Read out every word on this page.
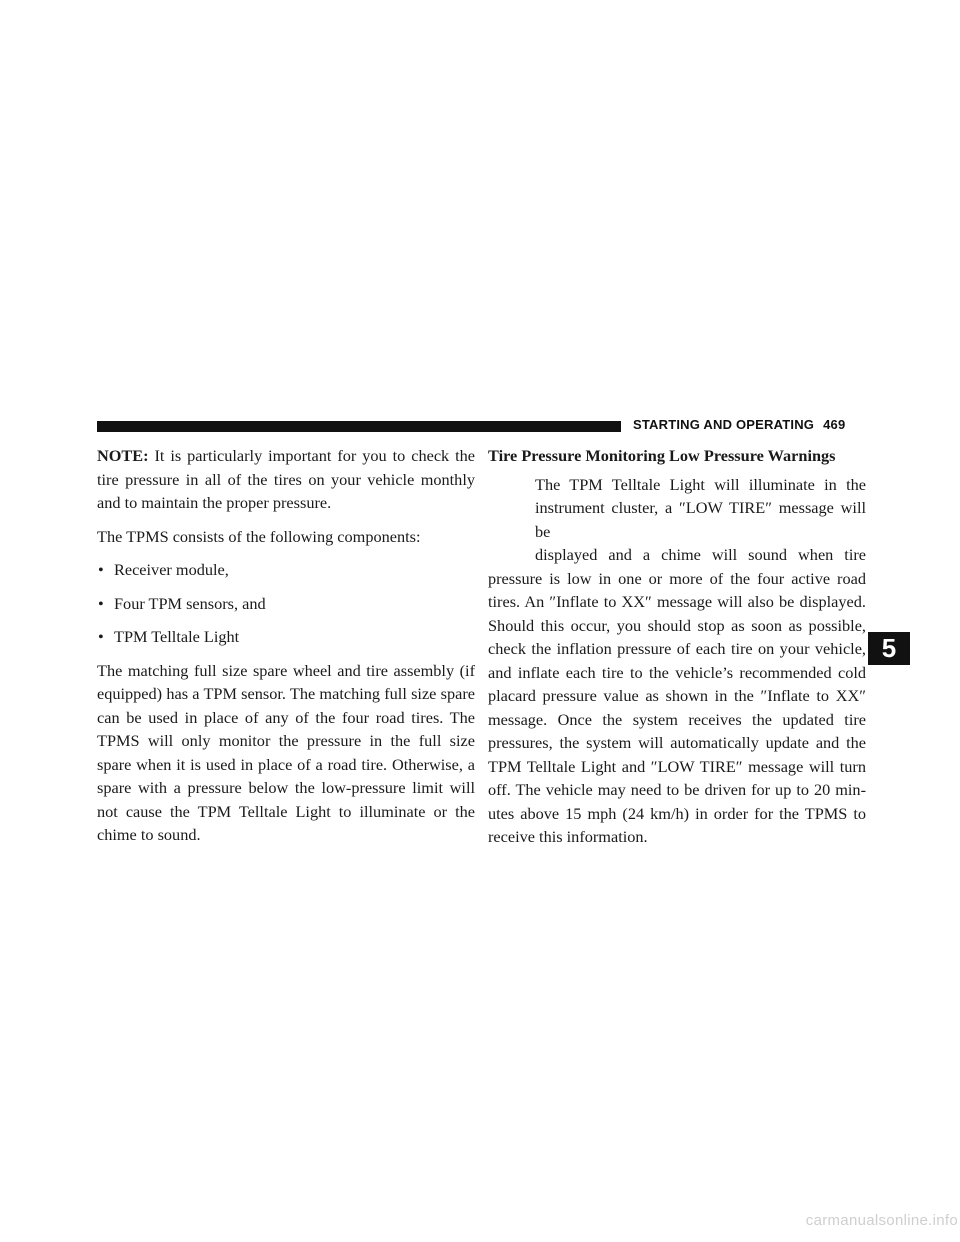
STARTING AND OPERATING 469

NOTE: It is particularly important for you to check the tire pressure in all of the tires on your vehicle monthly and to maintain the proper pressure.

The TPMS consists of the following components:

• Receiver module,
• Four TPM sensors, and
• TPM Telltale Light

The matching full size spare wheel and tire assembly (if equipped) has a TPM sensor. The matching full size spare can be used in place of any of the four road tires. The TPMS will only monitor the pressure in the full size spare when it is used in place of a road tire. Otherwise, a spare with a pressure below the low-pressure limit will not cause the TPM Telltale Light to illuminate or the chime to sound.

Tire Pressure Monitoring Low Pressure Warnings
The TPM Telltale Light will illuminate in the
instrument cluster, a ″LOW TIRE″ message will be
displayed and a chime will sound when tire

pressure is low in one or more of the four active road tires. An ″Inflate to XX″ message will also be displayed. Should this occur, you should stop as soon as possible, check the inflation pressure of each tire on your vehicle, and inflate each tire to the vehicle’s recommended cold placard pressure value as shown in the ″Inflate to XX″ message. Once the system receives the updated tire pressures, the system will automatically update and the TPM Telltale Light and ″LOW TIRE″ message will turn off. The vehicle may need to be driven for up to 20 min-utes above 15 mph (24 km/h) in order for the TPMS to receive this information.

5
carmanualsonline.info
